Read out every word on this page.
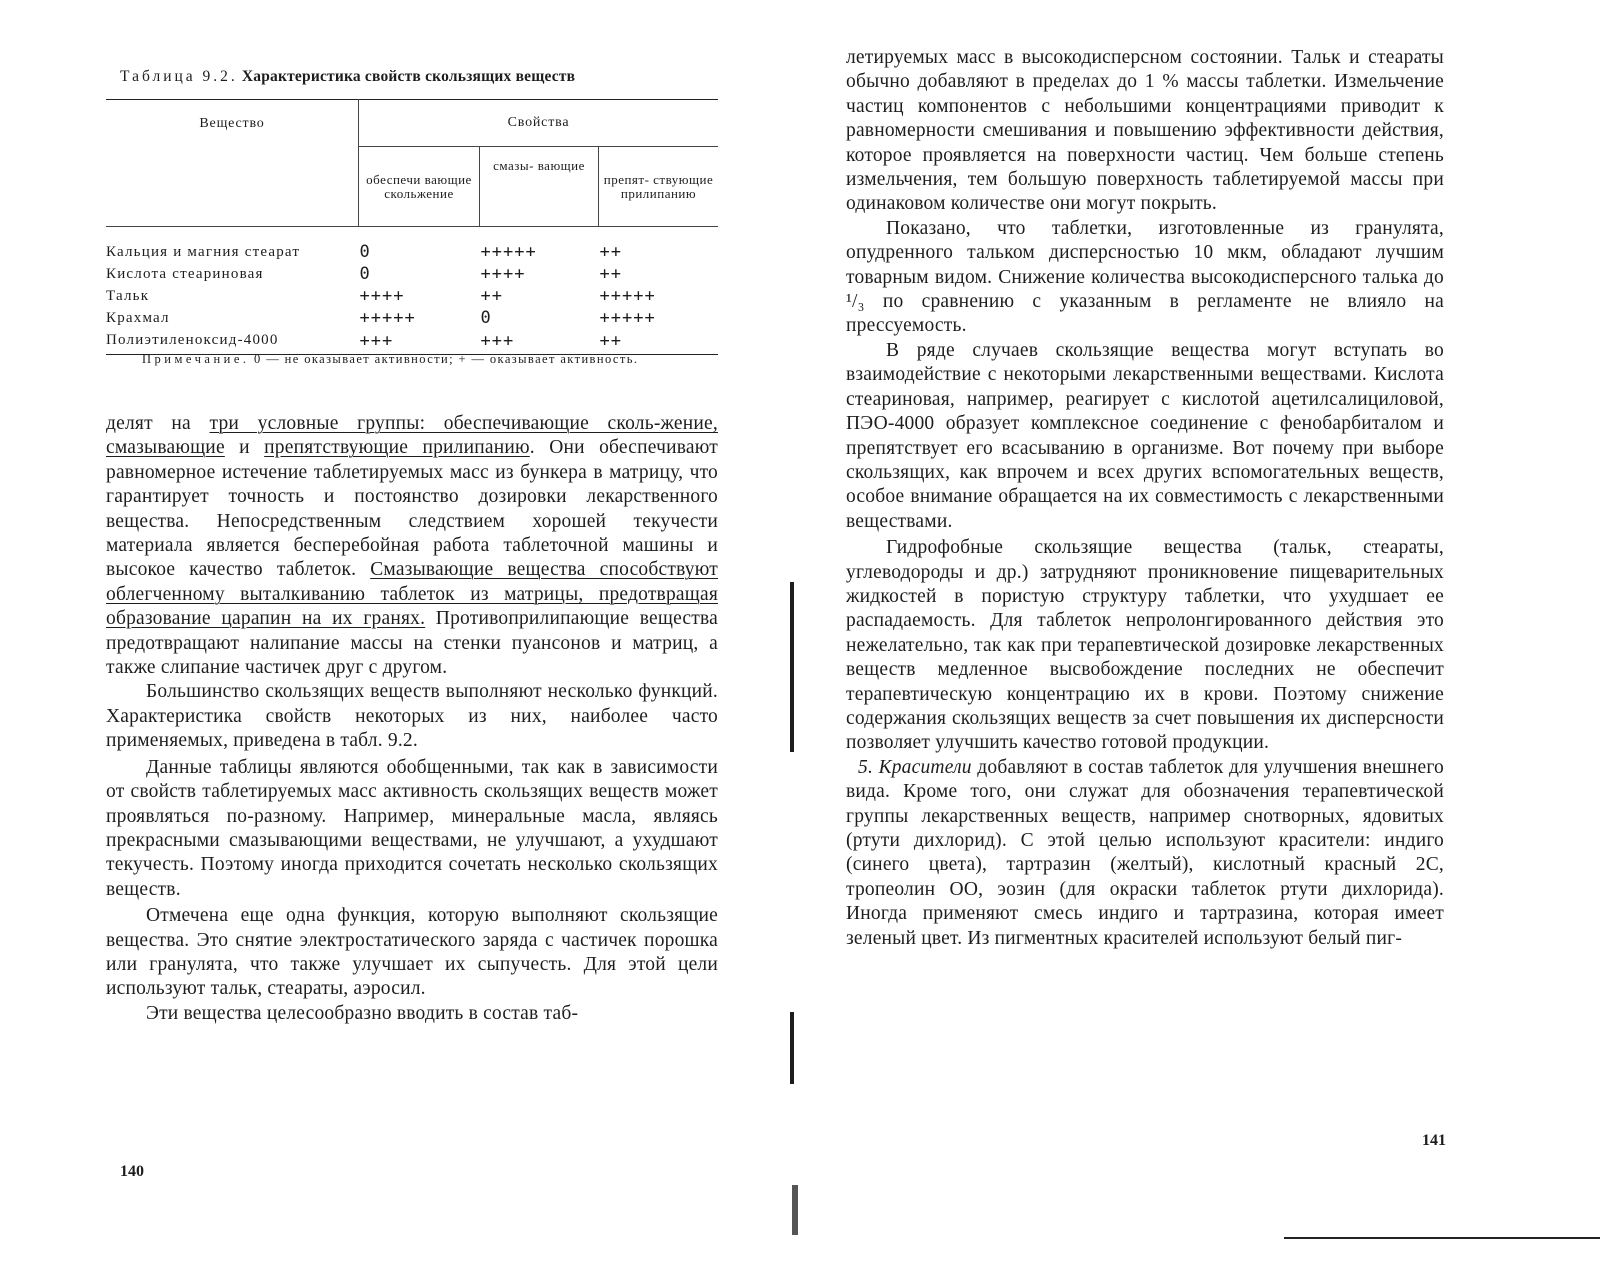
Таблица 9.2. Характеристика свойств скользящих веществ
Вещество	Свойства		
	обеспечи вающие скольжение	смазы- вающие	препят- ствующие прилипанию

Кальция и магния стеарат	0	+++++	++
Кислота стеариновая	0	++++	++
Тальк	++++	++	+++++
Крахмал	+++++	0	+++++
Полиэтиленоксид-4000	+++	+++	++
Примечание. 0 — не оказывает активности; + — оказывает активность.

делят на три условные группы: обеспечивающие сколь-жение, смазывающие и препятствующие прилипанию. Они обеспечивают равномерное истечение таблетируемых масс из бункера в матрицу, что гарантирует точность и постоянство дозировки лекарственного вещества. Непосредственным следствием хорошей текучести материала является бесперебойная работа таблеточной машины и высокое качество таблеток. Смазывающие вещества способствуют облегченному выталкиванию таблеток из матрицы, предотвращая образование царапин на их гранях. Противоприлипающие вещества предотвращают налипание массы на стенки пуансонов и матриц, а также слипание частичек друг с другом.

Большинство скользящих веществ выполняют несколько функций. Характеристика свойств некоторых из них, наиболее часто применяемых, приведена в табл. 9.2.

Данные таблицы являются обобщенными, так как в зависимости от свойств таблетируемых масс активность скользящих веществ может проявляться по-разному. Например, минеральные масла, являясь прекрасными смазывающими веществами, не улучшают, а ухудшают текучесть. Поэтому иногда приходится сочетать несколько скользящих веществ.

Отмечена еще одна функция, которую выполняют скользящие вещества. Это снятие электростатического заряда с частичек порошка или гранулята, что также улучшает их сыпучесть. Для этой цели используют тальк, стеараты, аэросил.

Эти вещества целесообразно вводить в состав таб-

140

летируемых масс в высокодисперсном состоянии. Тальк и стеараты обычно добавляют в пределах до 1 % массы таблетки. Измельчение частиц компонентов с небольшими концентрациями приводит к равномерности смешивания и повышению эффективности действия, которое проявляется на поверхности частиц. Чем больше степень измельчения, тем большую поверхность таблетируемой массы при одинаковом количестве они могут покрыть.

Показано, что таблетки, изготовленные из гранулята, опудренного тальком дисперсностью 10 мкм, обладают лучшим товарным видом. Снижение количества высокодисперсного талька до ¹/₃ по сравнению с указанным в регламенте не влияло на прессуемость.

В ряде случаев скользящие вещества могут вступать во взаимодействие с некоторыми лекарственными веществами. Кислота стеариновая, например, реагирует с кислотой ацетилсалициловой, ПЭО-4000 образует комплексное соединение с фенобарбиталом и препятствует его всасыванию в организме. Вот почему при выборе скользящих, как впрочем и всех других вспомогательных веществ, особое внимание обращается на их совместимость с лекарственными веществами.

Гидрофобные скользящие вещества (тальк, стеараты, углеводороды и др.) затрудняют проникновение пищеварительных жидкостей в пористую структуру таблетки, что ухудшает ее распадаемость. Для таблеток непролонгированного действия это нежелательно, так как при терапевтической дозировке лекарственных веществ медленное высвобождение последних не обеспечит терапевтическую концентрацию их в крови. Поэтому снижение содержания скользящих веществ за счет повышения их дисперсности позволяет улучшить качество готовой продукции.

5. Красители добавляют в состав таблеток для улучшения внешнего вида. Кроме того, они служат для обозначения терапевтической группы лекарственных веществ, например снотворных, ядовитых (ртути дихлорид). С этой целью используют красители: индиго (синего цвета), тартразин (желтый), кислотный красный 2С, тропеолин ОО, эозин (для окраски таблеток ртути дихлорида). Иногда применяют смесь индиго и тартразина, которая имеет зеленый цвет. Из пигментных красителей используют белый пиг-

141
